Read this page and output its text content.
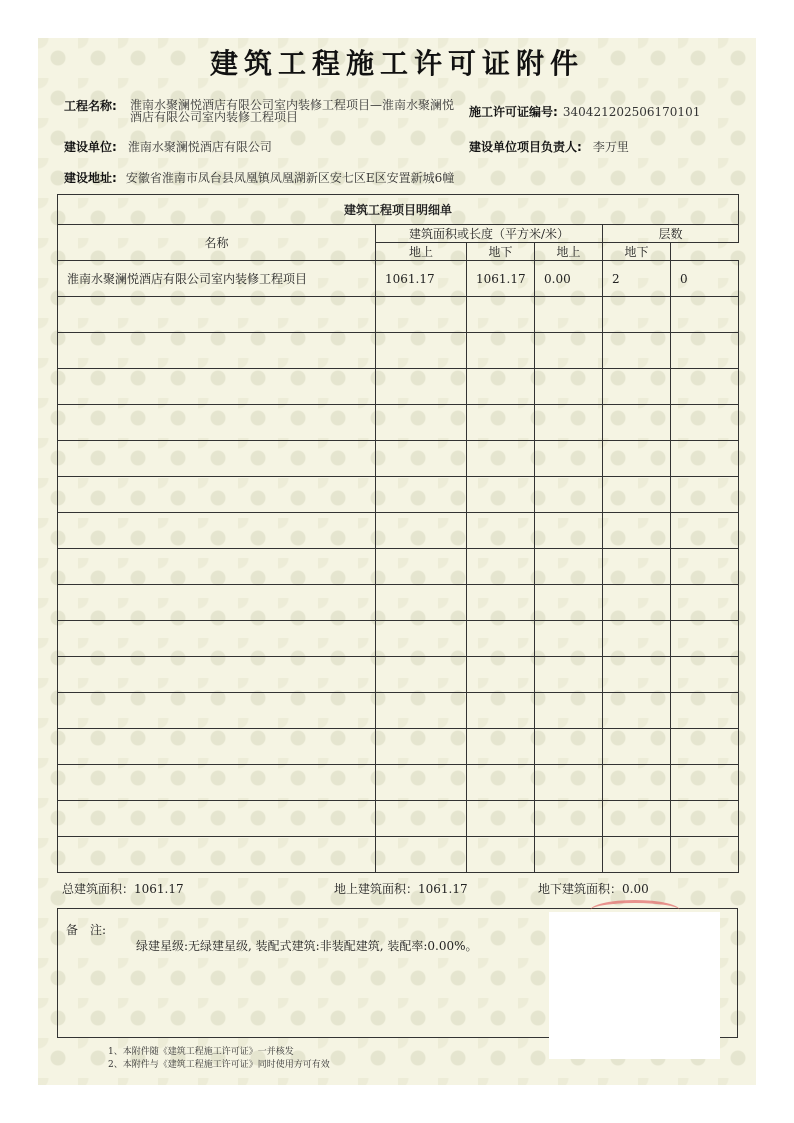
建筑工程施工许可证附件
工程名称: 淮南水聚澜悦酒店有限公司室内装修工程项目—淮南水聚澜悦酒店有限公司室内装修工程项目	施工许可证编号: 340421202506170101
建设单位: 淮南水聚澜悦酒店有限公司	建设单位项目负责人: 李万里
建设地址: 安徽省淮南市凤台县凤凰镇凤凰湖新区安七区E区安置新城6幢
建筑工程项目明细单					
名称	建筑面积或长度（平方米/米）			层数	
	地上	地下	地上	地下	
淮南水聚澜悦酒店有限公司室内装修工程项目	1061.17	1061.17	0.00	2	0

总建筑面积：1061.17	地上建筑面积：1061.17	地下建筑面积：0.00
备　注:
绿建星级:无绿建星级, 装配式建筑:非装配建筑, 装配率:0.00%。
1、本附件随《建筑工程施工许可证》一并核发
2、本附件与《建筑工程施工许可证》同时使用方可有效
